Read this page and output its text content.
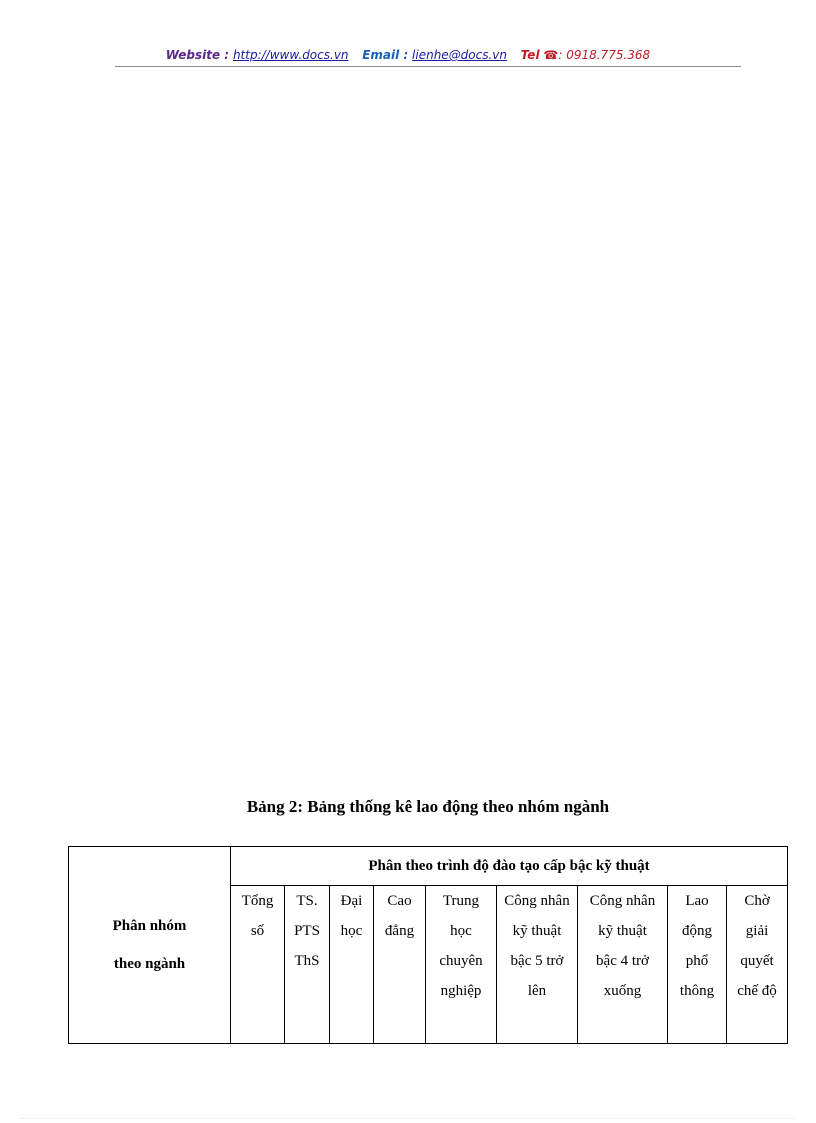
Website : http://www.docs.vn Email : lienhe@docs.vn Tel ☎: 0918.775.368
Bảng 2: Bảng thống kê lao động theo nhóm ngành
Phân nhóm theo ngành	Phân theo trình độ đào tạo cấp bậc kỹ thuật								

	Tổng số	TS. PTS ThS	Đại học	Cao đẳng	Trung học chuyên nghiệp	Công nhân kỹ thuật bậc 5 trở lên	Công nhân kỹ thuật bậc 4 trở xuống	Lao động phổ thông	Chờ giải quyết chế độ
